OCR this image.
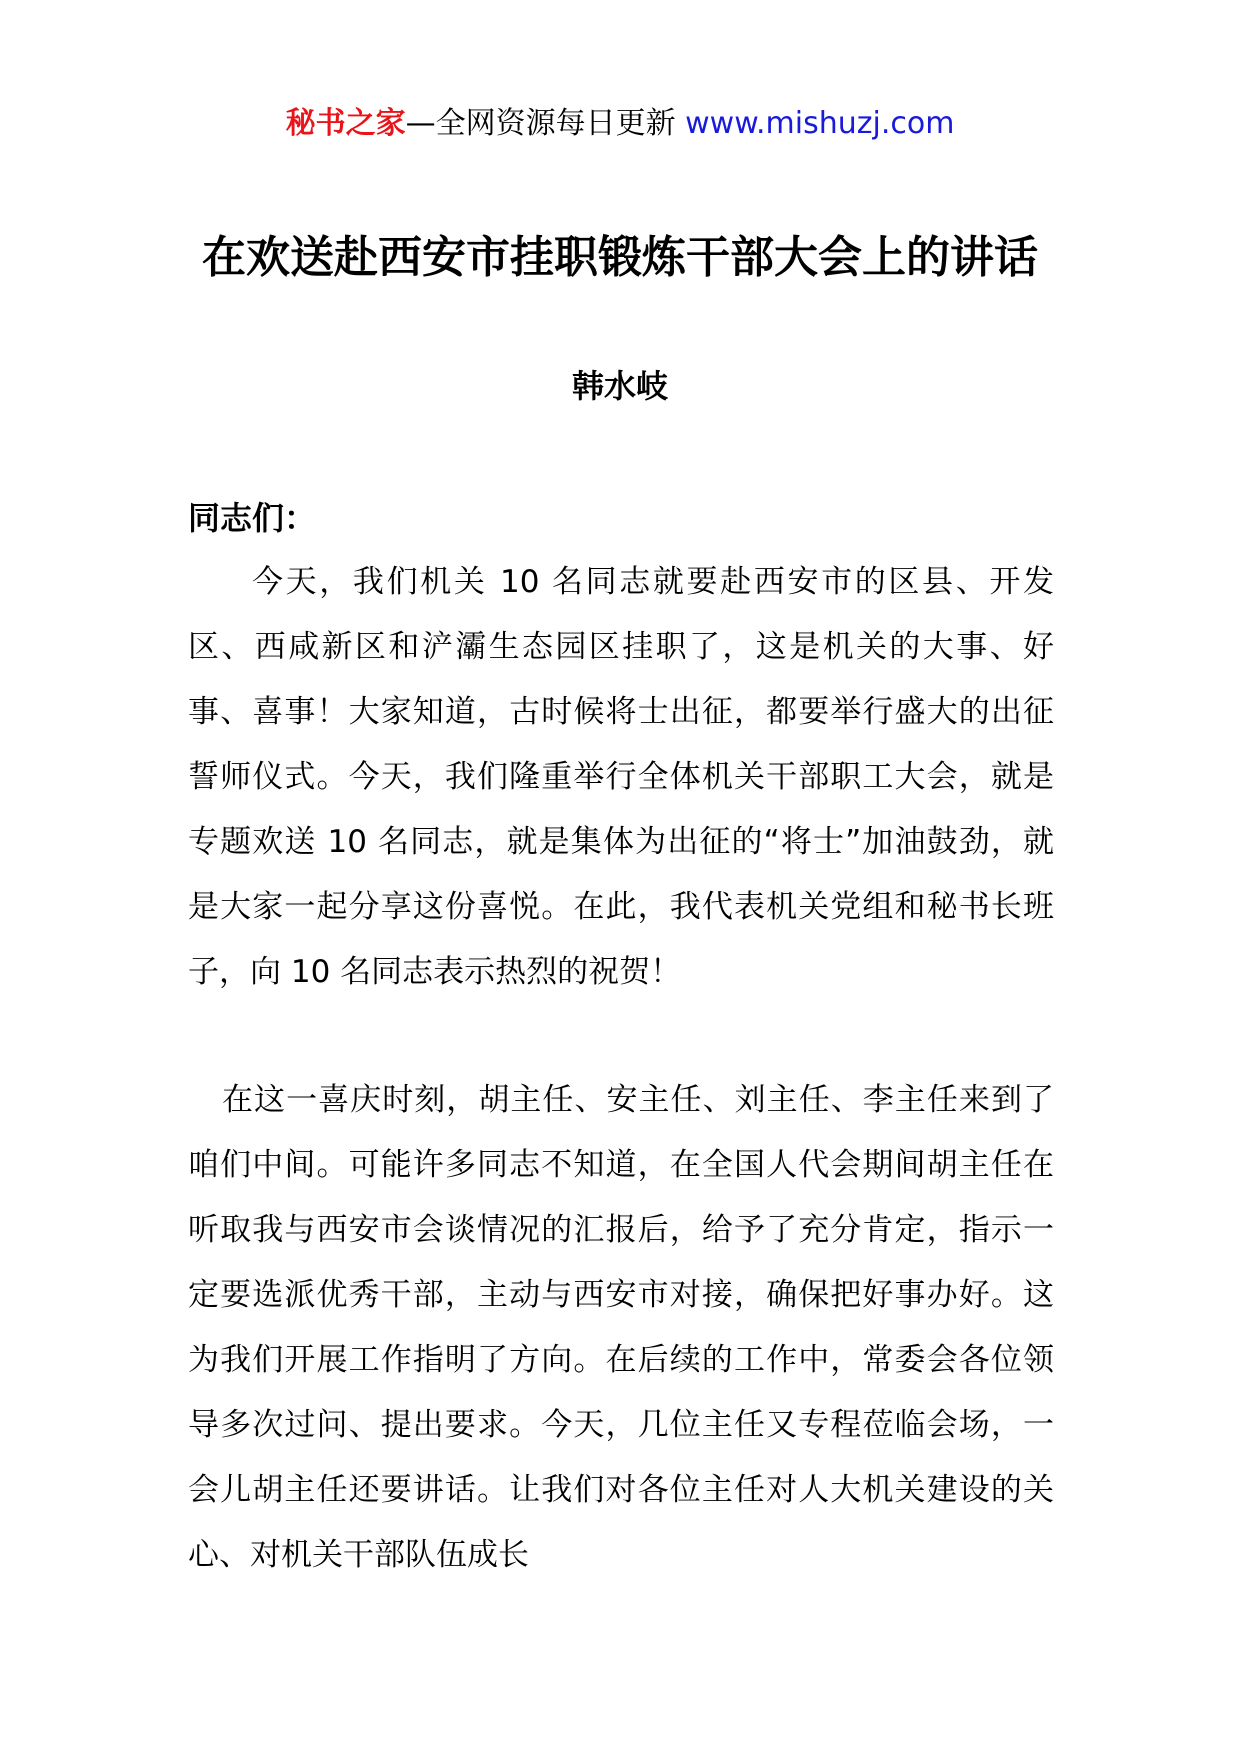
秘书之家—全网资源每日更新 www.mishuzj.com
在欢送赴西安市挂职锻炼干部大会上的讲话
韩水岐
同志们：

今天，我们机关 10 名同志就要赴西安市的区县、开发区、西咸新区和浐灞生态园区挂职了，这是机关的大事、好事、喜事！大家知道，古时候将士出征，都要举行盛大的出征誓师仪式。今天，我们隆重举行全体机关干部职工大会，就是专题欢送 10 名同志，就是集体为出征的“将士”加油鼓劲，就是大家一起分享这份喜悦。在此，我代表机关党组和秘书长班子，向 10 名同志表示热烈的祝贺！

在这一喜庆时刻，胡主任、安主任、刘主任、李主任来到了咱们中间。可能许多同志不知道，在全国人代会期间胡主任在听取我与西安市会谈情况的汇报后，给予了充分肯定，指示一定要选派优秀干部，主动与西安市对接，确保把好事办好。这为我们开展工作指明了方向。在后续的工作中，常委会各位领导多次过问、提出要求。今天，几位主任又专程莅临会场，一会儿胡主任还要讲话。让我们对各位主任对人大机关建设的关心、对机关干部队伍成长
